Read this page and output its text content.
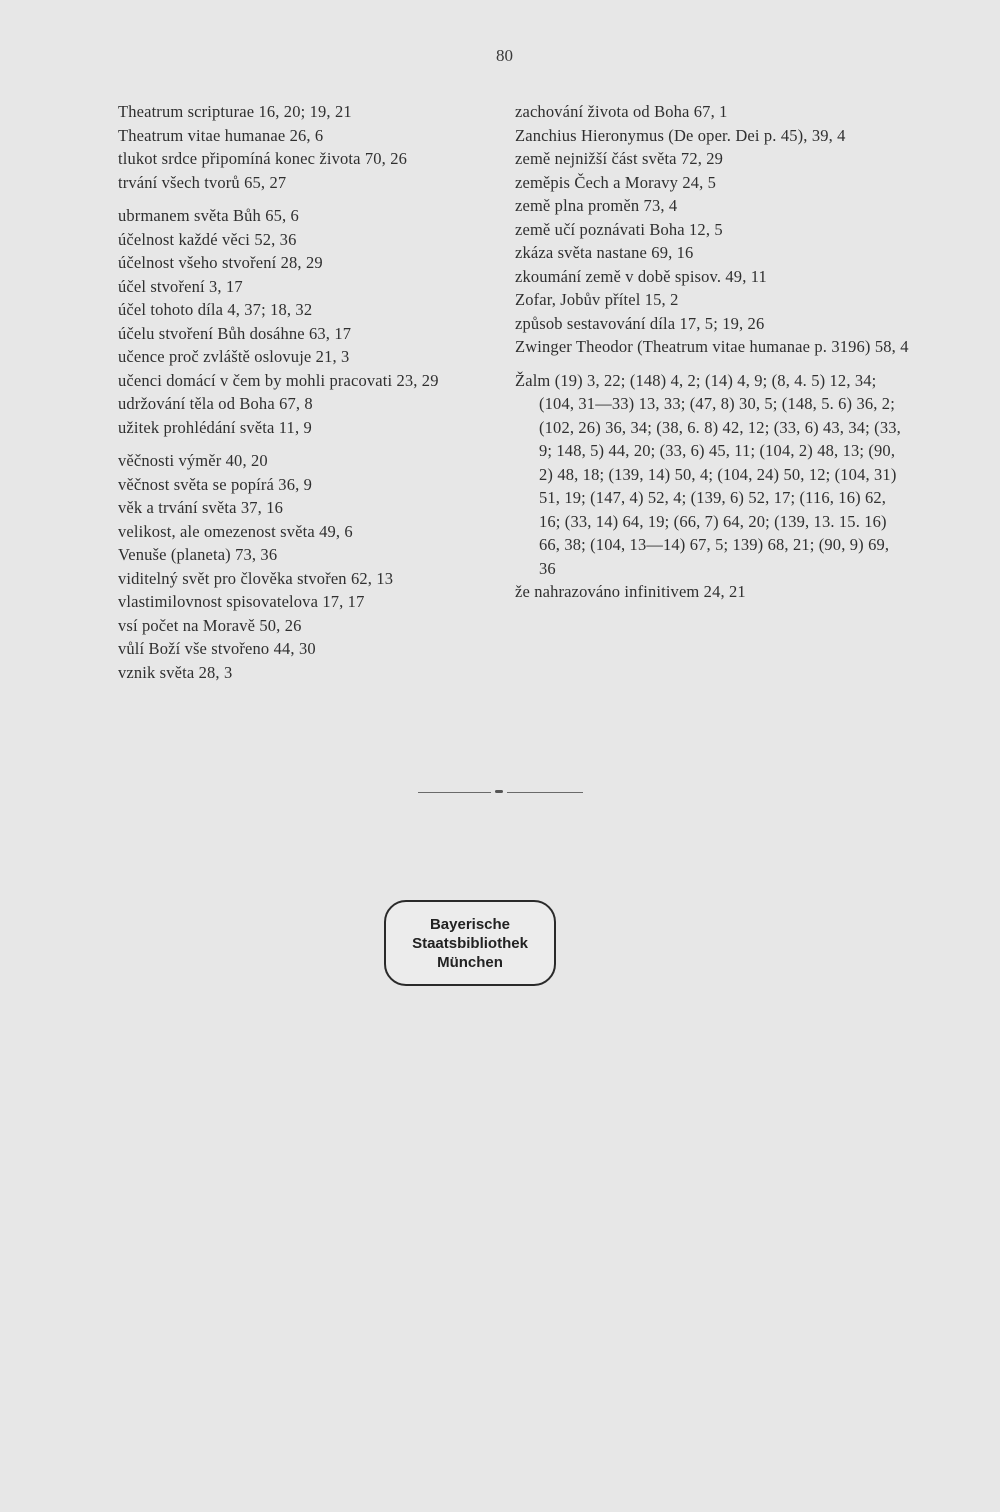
80

Theatrum scripturae 16, 20; 19, 21

Theatrum vitae humanae 26, 6

tlukot srdce připomíná konec života 70, 26

trvání všech tvorů 65, 27

ubrmanem světa Bůh 65, 6

účelnost každé věci 52, 36

účelnost všeho stvoření 28, 29

účel stvoření 3, 17

účel tohoto díla 4, 37; 18, 32

účelu stvoření Bůh dosáhne 63, 17

učence proč zvláště oslovuje 21, 3

učenci domácí v čem by mohli pracovati 23, 29

udržování těla od Boha 67, 8

užitek prohlédání světa 11, 9

věčnosti výměr 40, 20

věčnost světa se popírá 36, 9

věk a trvání světa 37, 16

velikost, ale omezenost světa 49, 6

Venuše (planeta) 73, 36

viditelný svět pro člověka stvořen 62, 13

vlastimilovnost spisovatelova 17, 17

vsí počet na Moravě 50, 26

vůlí Boží vše stvořeno 44, 30

vznik světa 28, 3

zachování života od Boha 67, 1

Zanchius Hieronymus (De oper. Dei p. 45), 39, 4

země nejnižší část světa 72, 29

zeměpis Čech a Moravy 24, 5

země plna proměn 73, 4

země učí poznávati Boha 12, 5

zkáza světa nastane 69, 16

zkoumání země v době spisov. 49, 11

Zofar, Jobův přítel 15, 2

způsob sestavování díla 17, 5; 19, 26

Zwinger Theodor (Theatrum vitae humanae p. 3196) 58, 4

Žalm (19) 3, 22; (148) 4, 2; (14) 4, 9; (8, 4. 5) 12, 34; (104, 31—33) 13, 33; (47, 8) 30, 5; (148, 5. 6) 36, 2; (102, 26) 36, 34; (38, 6. 8) 42, 12; (33, 6) 43, 34; (33, 9; 148, 5) 44, 20; (33, 6) 45, 11; (104, 2) 48, 13; (90, 2) 48, 18; (139, 14) 50, 4; (104, 24) 50, 12; (104, 31) 51, 19; (147, 4) 52, 4; (139, 6) 52, 17; (116, 16) 62, 16; (33, 14) 64, 19; (66, 7) 64, 20; (139, 13. 15. 16) 66, 38; (104, 13—14) 67, 5; 139) 68, 21; (90, 9) 69, 36

že nahrazováno infinitivem 24, 21

Bayerische
Staatsbibliothek
München
